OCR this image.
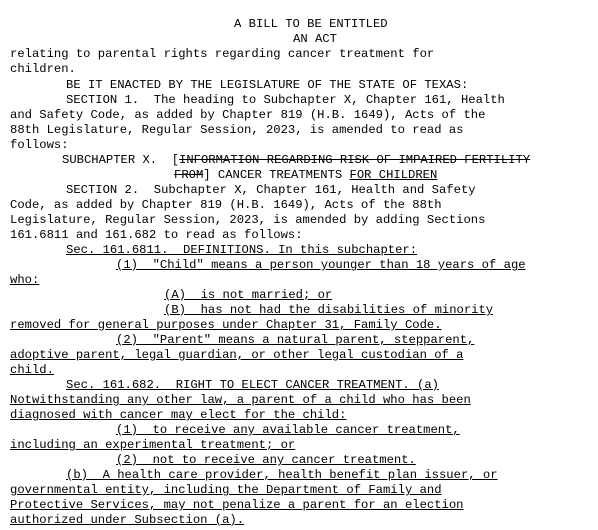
A BILL TO BE ENTITLED
AN ACT
relating to parental rights regarding cancer treatment for
children.
BE IT ENACTED BY THE LEGISLATURE OF THE STATE OF TEXAS:
SECTION 1.  The heading to Subchapter X, Chapter 161, Health
and Safety Code, as added by Chapter 819 (H.B. 1649), Acts of the
88th Legislature, Regular Session, 2023, is amended to read as
follows:
SUBCHAPTER X.  [INFORMATION REGARDING RISK OF IMPAIRED FERTILITY
FROM] CANCER TREATMENTS FOR CHILDREN
SECTION 2.  Subchapter X, Chapter 161, Health and Safety
Code, as added by Chapter 819 (H.B. 1649), Acts of the 88th
Legislature, Regular Session, 2023, is amended by adding Sections
161.6811 and 161.682 to read as follows:
Sec. 161.6811.  DEFINITIONS. In this subchapter:
(1)  "Child" means a person younger than 18 years of age
who:
(A)  is not married; or
(B)  has not had the disabilities of minority
removed for general purposes under Chapter 31, Family Code.
(2)  "Parent" means a natural parent, stepparent,
adoptive parent, legal guardian, or other legal custodian of a
child.
Sec. 161.682.  RIGHT TO ELECT CANCER TREATMENT. (a)
Notwithstanding any other law, a parent of a child who has been
diagnosed with cancer may elect for the child:
(1)  to receive any available cancer treatment,
including an experimental treatment; or
(2)  not to receive any cancer treatment.
(b)  A health care provider, health benefit plan issuer, or
governmental entity, including the Department of Family and
Protective Services, may not penalize a parent for an election
authorized under Subsection (a).
